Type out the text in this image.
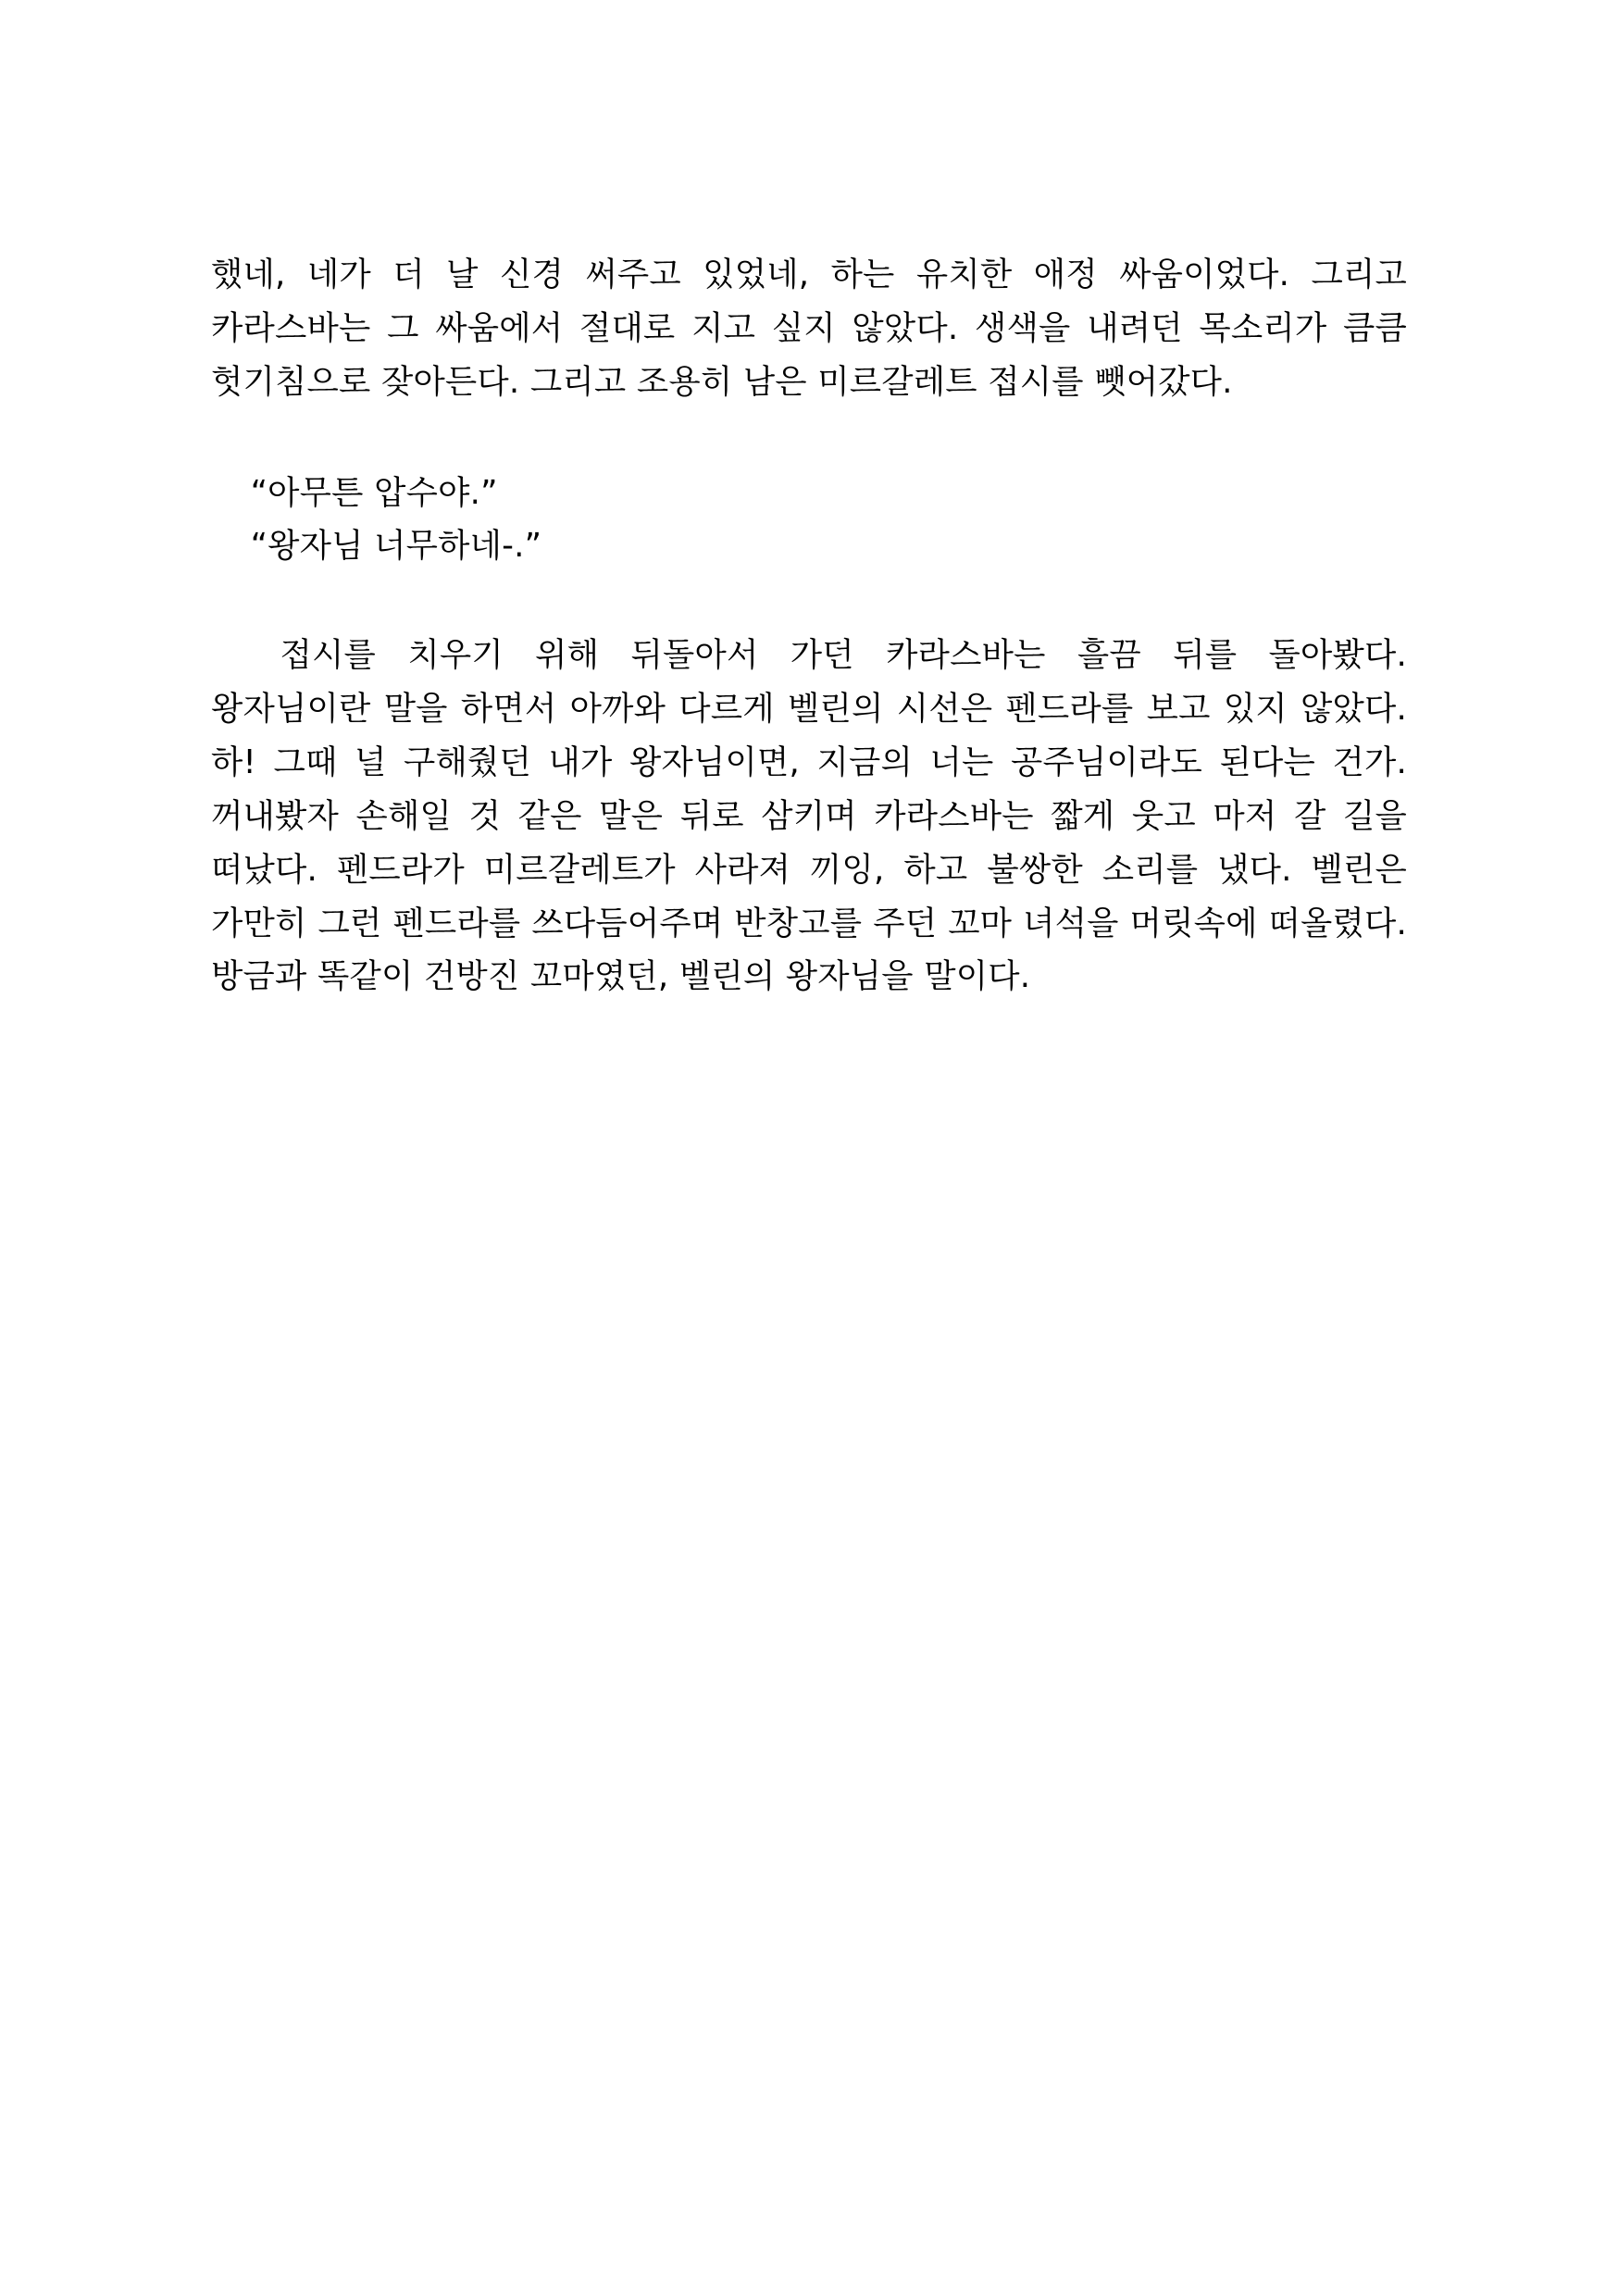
했네, 네가 더 날 신경 써주고 있었네, 하는 유치한 애정 싸움이었다. 그리고 카라스바는 그 싸움에서 절대로 지고 싶지 않았다. 생색을 내려던 목소리가 큼큼 헛기침으로 잦아든다. 그리고 조용히 남은 미르갈레트 접시를 뺏어갔다.

“아무튼 압수야.”

“왕자님 너무하네-.”

접시를 치우기 위해 뒤돌아서 가던 카라스바는 흘끔 뒤를 돌아봤다. 왕자님이란 말을 하면서 아까와 다르게 벨린의 시선은 펜드라를 보고 있지 않았다. 하! 그때 널 구해줬던 내가 왕자님이면, 지금의 너는 공주님이라도 된다는 건가. 꺼내봤자 손해일 것 같은 말은 뒤로 삼키며 카라스바는 짧게 웃고 마저 갈 길을 떠났다. 펜드라가 미르갈레트가 사라져 끼잉, 하고 불쌍한 소리를 냈다. 벨린은 가만히 그런 펜드라를 쓰다듬어주며 반창고를 주던 꼬마 녀석을 머릿속에 떠올렸다. 방금과 똑같이 건방진 꼬마였던, 벨린의 왕자님을 말이다.
